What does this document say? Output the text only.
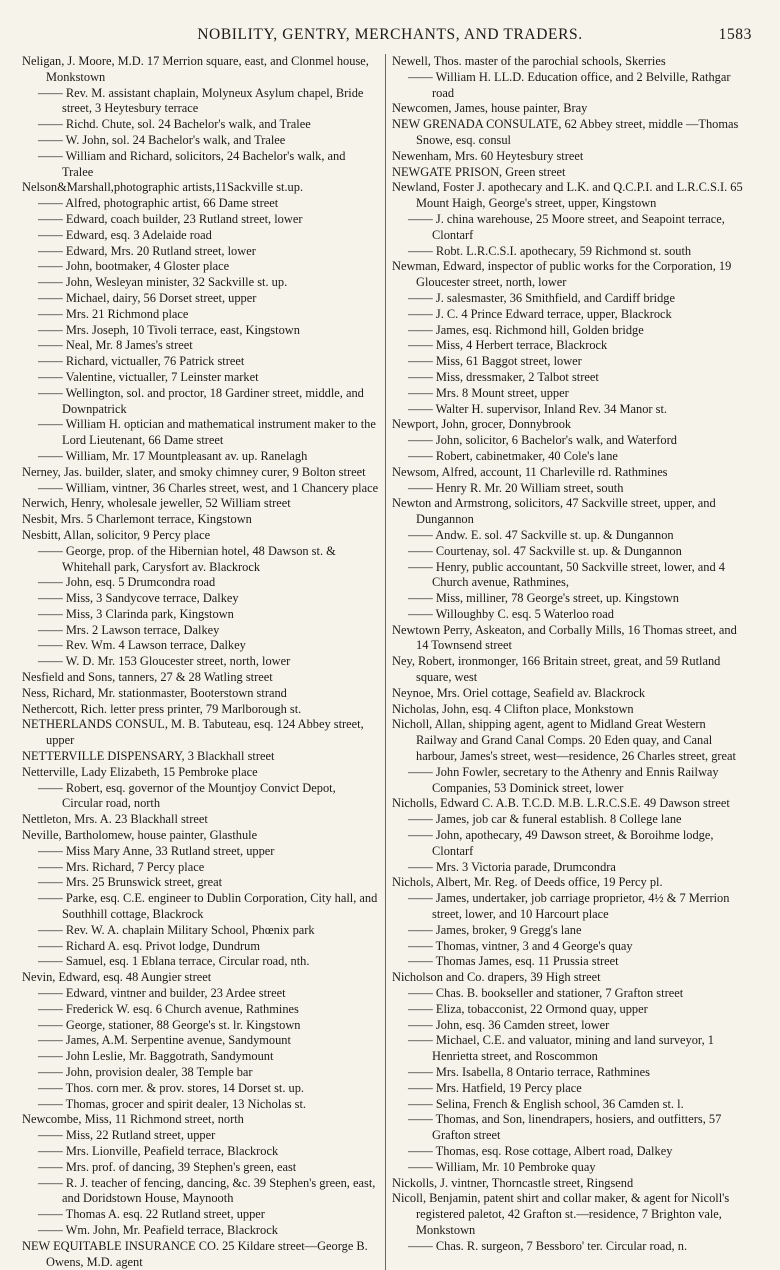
NOBILITY, GENTRY, MERCHANTS, AND TRADERS.	1583
Neligan, J. Moore, M.D. 17 Merrion square, east, and Clonmel house, Monkstown
—— Rev. M. assistant chaplain, Molyneux Asylum chapel, Bride street, 3 Heytesbury terrace
—— Richd. Chute, sol. 24 Bachelor's walk, and Tralee
—— W. John, sol. 24 Bachelor's walk, and Tralee
—— William and Richard, solicitors, 24 Bachelor's walk, and Tralee
Nelson&Marshall,photographic artists,11Sackville st.up.
—— Alfred, photographic artist, 66 Dame street
—— Edward, coach builder, 23 Rutland street, lower
—— Edward, esq. 3 Adelaide road
—— Edward, Mrs. 20 Rutland street, lower
—— John, bootmaker, 4 Gloster place
—— John, Wesleyan minister, 32 Sackville st. up.
—— Michael, dairy, 56 Dorset street, upper
—— Mrs. 21 Richmond place
—— Mrs. Joseph, 10 Tivoli terrace, east, Kingstown
—— Neal, Mr. 8 James's street
—— Richard, victualler, 76 Patrick street
—— Valentine, victualler, 7 Leinster market
—— Wellington, sol. and proctor, 18 Gardiner street, middle, and Downpatrick
—— William H. optician and mathematical instrument maker to the Lord Lieutenant, 66 Dame street
—— William, Mr. 17 Mountpleasant av. up. Ranelagh
Nerney, Jas. builder, slater, and smoky chimney curer, 9 Bolton street
—— William, vintner, 36 Charles street, west, and 1 Chancery place
Nerwich, Henry, wholesale jeweller, 52 William street
Nesbit, Mrs. 5 Charlemont terrace, Kingstown
Nesbitt, Allan, solicitor, 9 Percy place
—— George, prop. of the Hibernian hotel, 48 Dawson st. & Whitehall park, Carysfort av. Blackrock
—— John, esq. 5 Drumcondra road
—— Miss, 3 Sandycove terrace, Dalkey
—— Miss, 3 Clarinda park, Kingstown
—— Mrs. 2 Lawson terrace, Dalkey
—— Rev. Wm. 4 Lawson terrace, Dalkey
—— W. D. Mr. 153 Gloucester street, north, lower
Nesfield and Sons, tanners, 27 & 28 Watling street
Ness, Richard, Mr. stationmaster, Booterstown strand
Nethercott, Rich. letter press printer, 79 Marlborough st.
NETHERLANDS CONSUL, M. B. Tabuteau, esq. 124 Abbey street, upper
NETTERVILLE DISPENSARY, 3 Blackhall street
Netterville, Lady Elizabeth, 15 Pembroke place
—— Robert, esq. governor of the Mountjoy Convict Depot, Circular road, north
Nettleton, Mrs. A. 23 Blackhall street
Neville, Bartholomew, house painter, Glasthule
—— Miss Mary Anne, 33 Rutland street, upper
—— Mrs. Richard, 7 Percy place
—— Mrs. 25 Brunswick street, great
—— Parke, esq. C.E. engineer to Dublin Corporation, City hall, and Southhill cottage, Blackrock
—— Rev. W. A. chaplain Military School, Phœnix park
—— Richard A. esq. Privot lodge, Dundrum
—— Samuel, esq. 1 Eblana terrace, Circular road, nth.
Nevin, Edward, esq. 48 Aungier street
—— Edward, vintner and builder, 23 Ardee street
—— Frederick W. esq. 6 Church avenue, Rathmines
—— George, stationer, 88 George's st. lr. Kingstown
—— James, A.M. Serpentine avenue, Sandymount
—— John Leslie, Mr. Baggotrath, Sandymount
—— John, provision dealer, 38 Temple bar
—— Thos. corn mer. & prov. stores, 14 Dorset st. up.
—— Thomas, grocer and spirit dealer, 13 Nicholas st.
Newcombe, Miss, 11 Richmond street, north
—— Miss, 22 Rutland street, upper
—— Mrs. Lionville, Peafield terrace, Blackrock
—— Mrs. prof. of dancing, 39 Stephen's green, east
—— R. J. teacher of fencing, dancing, &c. 39 Stephen's green, east, and Doridstown House, Maynooth
—— Thomas A. esq. 22 Rutland street, upper
—— Wm. John, Mr. Peafield terrace, Blackrock
NEW EQUITABLE INSURANCE CO. 25 Kildare street—George B. Owens, M.D. agent
Newell, Thos. master of the parochial schools, Skerries
—— William H. LL.D. Education office, and 2 Belville, Rathgar road
Newcomen, James, house painter, Bray
NEW GRENADA CONSULATE, 62 Abbey street, middle —Thomas Snowe, esq. consul
Newenham, Mrs. 60 Heytesbury street
NEWGATE PRISON, Green street
Newland, Foster J. apothecary and L.K. and Q.C.P.I. and L.R.C.S.I. 65 Mount Haigh, George's street, upper, Kingstown
—— J. china warehouse, 25 Moore street, and Seapoint terrace, Clontarf
—— Robt. L.R.C.S.I. apothecary, 59 Richmond st. south
Newman, Edward, inspector of public works for the Corporation, 19 Gloucester street, north, lower
—— J. salesmaster, 36 Smithfield, and Cardiff bridge
—— J. C. 4 Prince Edward terrace, upper, Blackrock
—— James, esq. Richmond hill, Golden bridge
—— Miss, 4 Herbert terrace, Blackrock
—— Miss, 61 Baggot street, lower
—— Miss, dressmaker, 2 Talbot street
—— Mrs. 8 Mount street, upper
—— Walter H. supervisor, Inland Rev. 34 Manor st.
Newport, John, grocer, Donnybrook
—— John, solicitor, 6 Bachelor's walk, and Waterford
—— Robert, cabinetmaker, 40 Cole's lane
Newsom, Alfred, account, 11 Charleville rd. Rathmines
—— Henry R. Mr. 20 William street, south
Newton and Armstrong, solicitors, 47 Sackville street, upper, and Dungannon
—— Andw. E. sol. 47 Sackville st. up. & Dungannon
—— Courtenay, sol. 47 Sackville st. up. & Dungannon
—— Henry, public accountant, 50 Sackville street, lower, and 4 Church avenue, Rathmines,
—— Miss, milliner, 78 George's street, up. Kingstown
—— Willoughby C. esq. 5 Waterloo road
Newtown Perry, Askeaton, and Corbally Mills, 16 Thomas street, and 14 Townsend street
Ney, Robert, ironmonger, 166 Britain street, great, and 59 Rutland square, west
Neynoe, Mrs. Oriel cottage, Seafield av. Blackrock
Nicholas, John, esq. 4 Clifton place, Monkstown
Nicholl, Allan, shipping agent, agent to Midland Great Western Railway and Grand Canal Comps. 20 Eden quay, and Canal harbour, James's street, west—residence, 26 Charles street, great
—— John Fowler, secretary to the Athenry and Ennis Railway Companies, 53 Dominick street, lower
Nicholls, Edward C. A.B. T.C.D. M.B. L.R.C.S.E. 49 Dawson street
—— James, job car & funeral establish. 8 College lane
—— John, apothecary, 49 Dawson street, & Boroihme lodge, Clontarf
—— Mrs. 3 Victoria parade, Drumcondra
Nichols, Albert, Mr. Reg. of Deeds office, 19 Percy pl.
—— James, undertaker, job carriage proprietor, 4½ & 7 Merrion street, lower, and 10 Harcourt place
—— James, broker, 9 Gregg's lane
—— Thomas, vintner, 3 and 4 George's quay
—— Thomas James, esq. 11 Prussia street
Nicholson and Co. drapers, 39 High street
—— Chas. B. bookseller and stationer, 7 Grafton street
—— Eliza, tobacconist, 22 Ormond quay, upper
—— John, esq. 36 Camden street, lower
—— Michael, C.E. and valuator, mining and land surveyor, 1 Henrietta street, and Roscommon
—— Mrs. Isabella, 8 Ontario terrace, Rathmines
—— Mrs. Hatfield, 19 Percy place
—— Selina, French & English school, 36 Camden st. l.
—— Thomas, and Son, linendrapers, hosiers, and outfitters, 57 Grafton street
—— Thomas, esq. Rose cottage, Albert road, Dalkey
—— William, Mr. 10 Pembroke quay
Nickolls, J. vintner, Thorncastle street, Ringsend
Nicoll, Benjamin, patent shirt and collar maker, & agent for Nicoll's registered paletot, 42 Grafton st.—residence, 7 Brighton vale, Monkstown
—— Chas. R. surgeon, 7 Bessboro' ter. Circular road, n.
